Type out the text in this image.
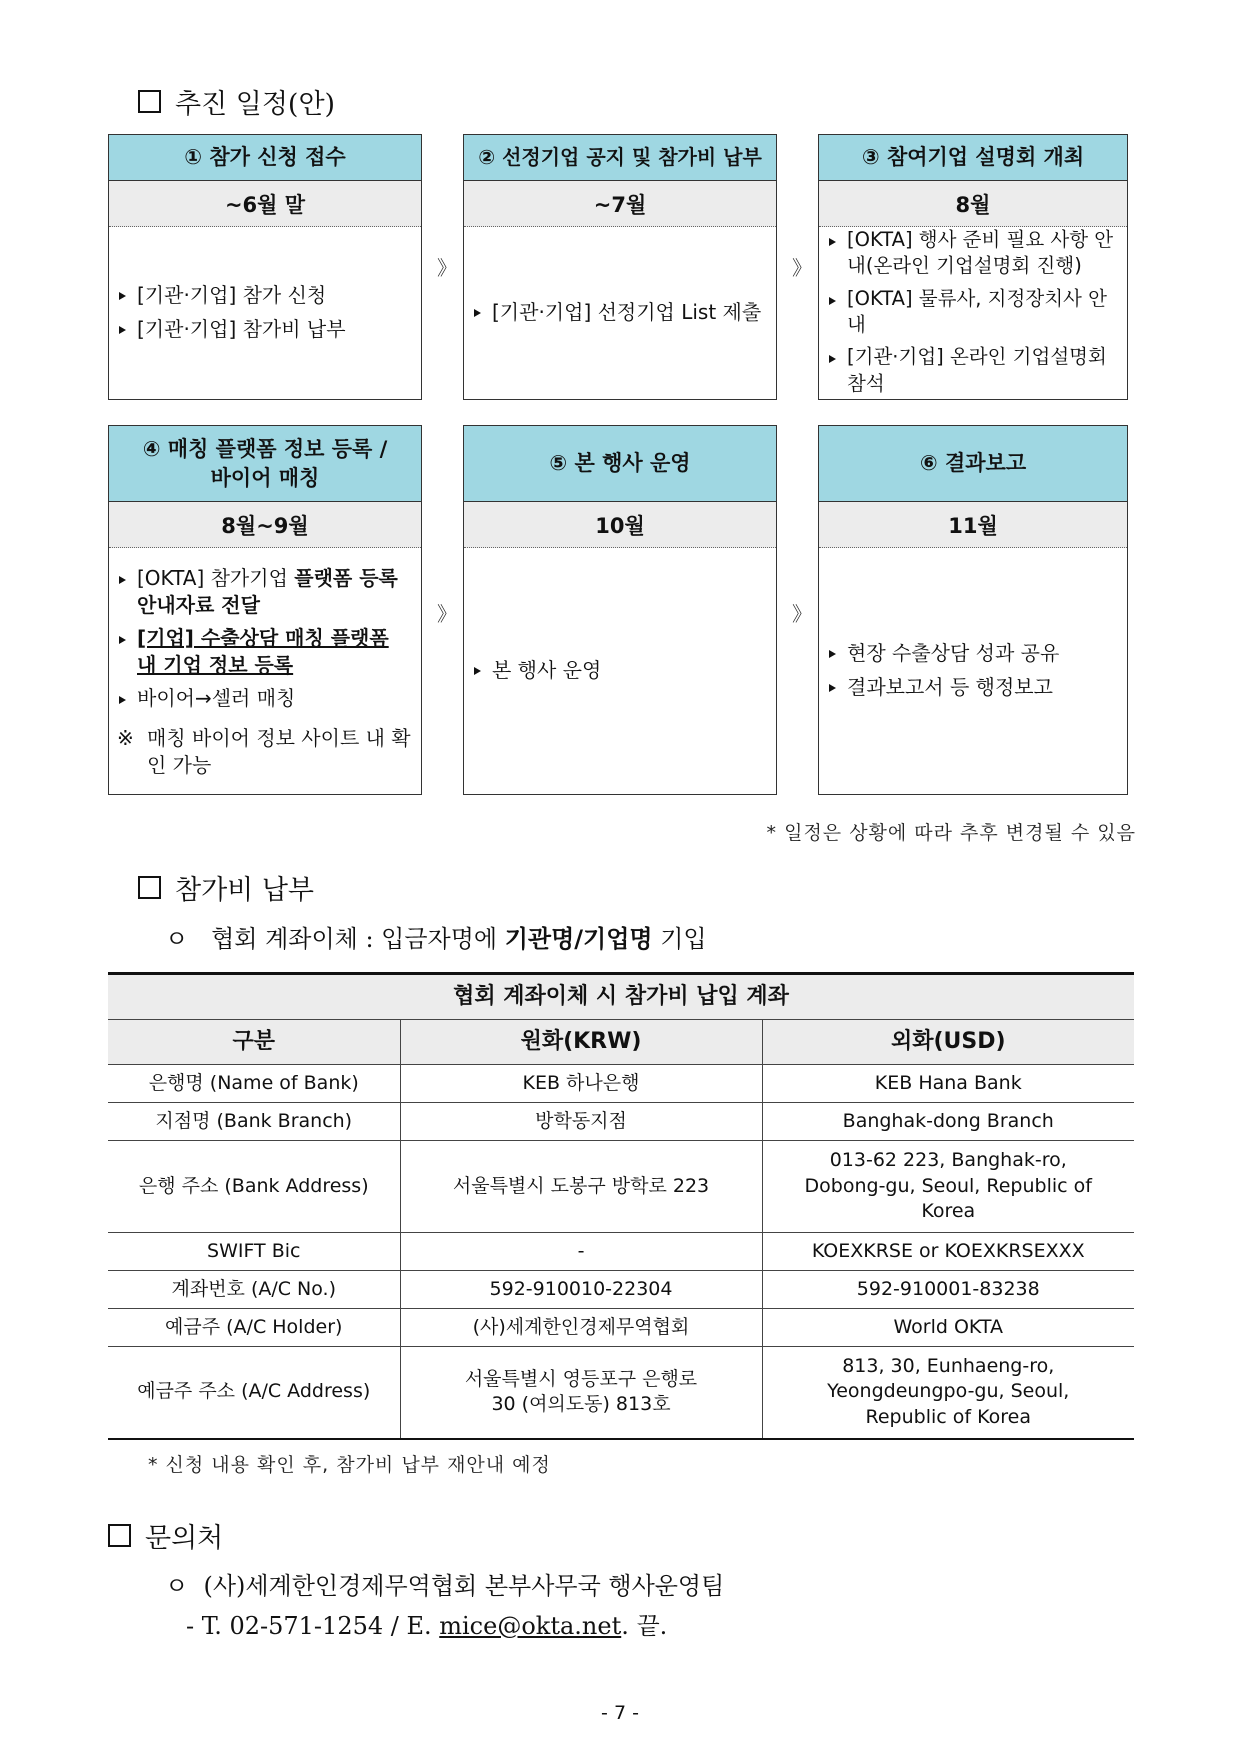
추진 일정(안)
①
참가 신청 접수
~6월 말
[기관·기업] 참가 신청
[기관·기업] 참가비 납부
》
②
선정기업 공지 및 참가비 납부
~7월
[기관·기업] 선정기업 List 제출
》
③
참여기업 설명회 개최
8월
[OKTA] 행사 준비 필요 사항 안내(온라인 기업설명회 진행)
[OKTA] 물류사, 지정장치사 안내
[기관·기업] 온라인 기업설명회 참석
④ 매칭 플랫폼 정보 등록 /
바이어 매칭
8월~9월
[OKTA] 참가기업 플랫폼 등록 안내자료 전달
[기업] 수출상담 매칭 플랫폼 내 기업 정보 등록
바이어→셀러 매칭
※ 매칭 바이어 정보 사이트 내 확인 가능
》
⑤
본 행사 운영
10월
본 행사 운영
》
⑥
결과보고
11월
현장 수출상담 성과 공유
결과보고서 등 행정보고
* 일정은 상황에 따라 추후 변경될 수 있음
참가비 납부
ㅇ 협회 계좌이체 : 입금자명에 기관명/기업명 기입
협회 계좌이체 시 참가비 납입 계좌		
구분	원화(KRW)	외화(USD)
은행명 (Name of Bank)	KEB 하나은행	KEB Hana Bank
지점명 (Bank Branch)	방학동지점	Banghak-dong Branch
은행 주소 (Bank Address)	서울특별시 도봉구 방학로 223	013-62 223, Banghak-ro, Dobong-gu, Seoul, Republic of Korea
SWIFT Bic	-	KOEXKRSE or KOEXKRSEXXX
계좌번호 (A/C No.)	592-910010-22304	592-910001-83238
예금주 (A/C Holder)	(사)세계한인경제무역협회	World OKTA
예금주 주소 (A/C Address)	서울특별시 영등포구 은행로 30 (여의도동) 813호	813, 30, Eunhaeng-ro, Yeongdeungpo-gu, Seoul, Republic of Korea
* 신청 내용 확인 후, 참가비 납부 재안내 예정
문의처
ㅇ (사)세계한인경제무역협회 본부사무국 행사운영팀
- T. 02-571-1254 / E. mice@okta.net. 끝.
- 7 -
